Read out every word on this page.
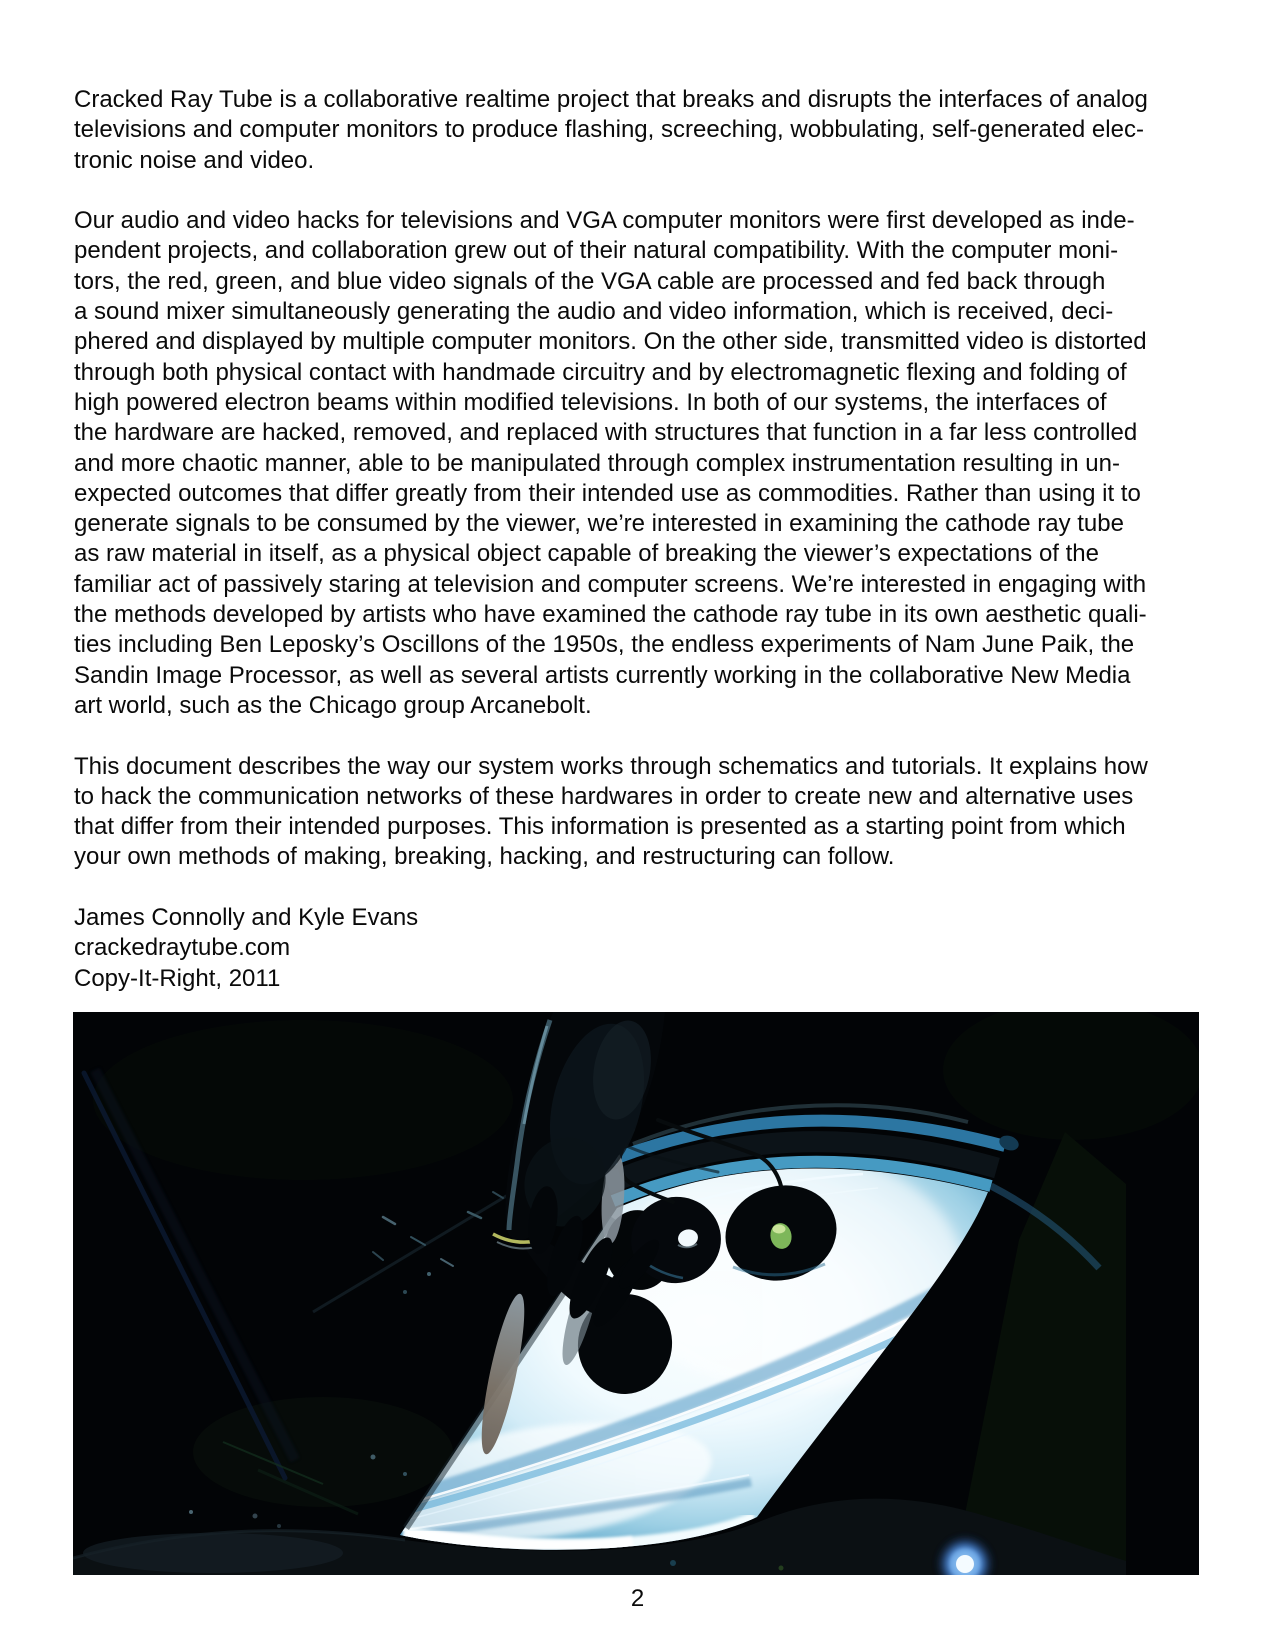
Cracked Ray Tube is a collaborative realtime project that breaks and disrupts the interfaces of analog
televisions and computer monitors to produce flashing, screeching, wobbulating, self-generated elec-
tronic noise and video.
Our audio and video hacks for televisions and VGA computer monitors were first developed as inde-
pendent projects, and collaboration grew out of their natural compatibility. With the computer moni-
tors, the red, green, and blue video signals of the VGA cable are processed and fed back through
a sound mixer simultaneously generating the audio and video information, which is received, deci-
phered and displayed by multiple computer monitors. On the other side, transmitted video is distorted
through both physical contact with handmade circuitry and by electromagnetic flexing and folding of
high powered electron beams within modified televisions. In both of our systems, the interfaces of
the hardware are hacked, removed, and replaced with structures that function in a far less controlled
and more chaotic manner, able to be manipulated through complex instrumentation resulting in un-
expected outcomes that differ greatly from their intended use as commodities. Rather than using it to
generate signals to be consumed by the viewer, we’re interested in examining the cathode ray tube
as raw material in itself, as a physical object capable of breaking the viewer’s expectations of the
familiar act of passively staring at television and computer screens. We’re interested in engaging with
the methods developed by artists who have examined the cathode ray tube in its own aesthetic quali-
ties including Ben Leposky’s Oscillons of the 1950s, the endless experiments of Nam June Paik, the
Sandin Image Processor, as well as several artists currently working in the collaborative New Media
art world, such as the Chicago group Arcanebolt.
This document describes the way our system works through schematics and tutorials. It explains how
to hack the communication networks of these hardwares in order to create new and alternative uses
that differ from their intended purposes. This information is presented as a starting point from which
your own methods of making, breaking, hacking, and restructuring can follow.
James Connolly and Kyle Evans
crackedraytube.com
Copy-It-Right, 2011
2
